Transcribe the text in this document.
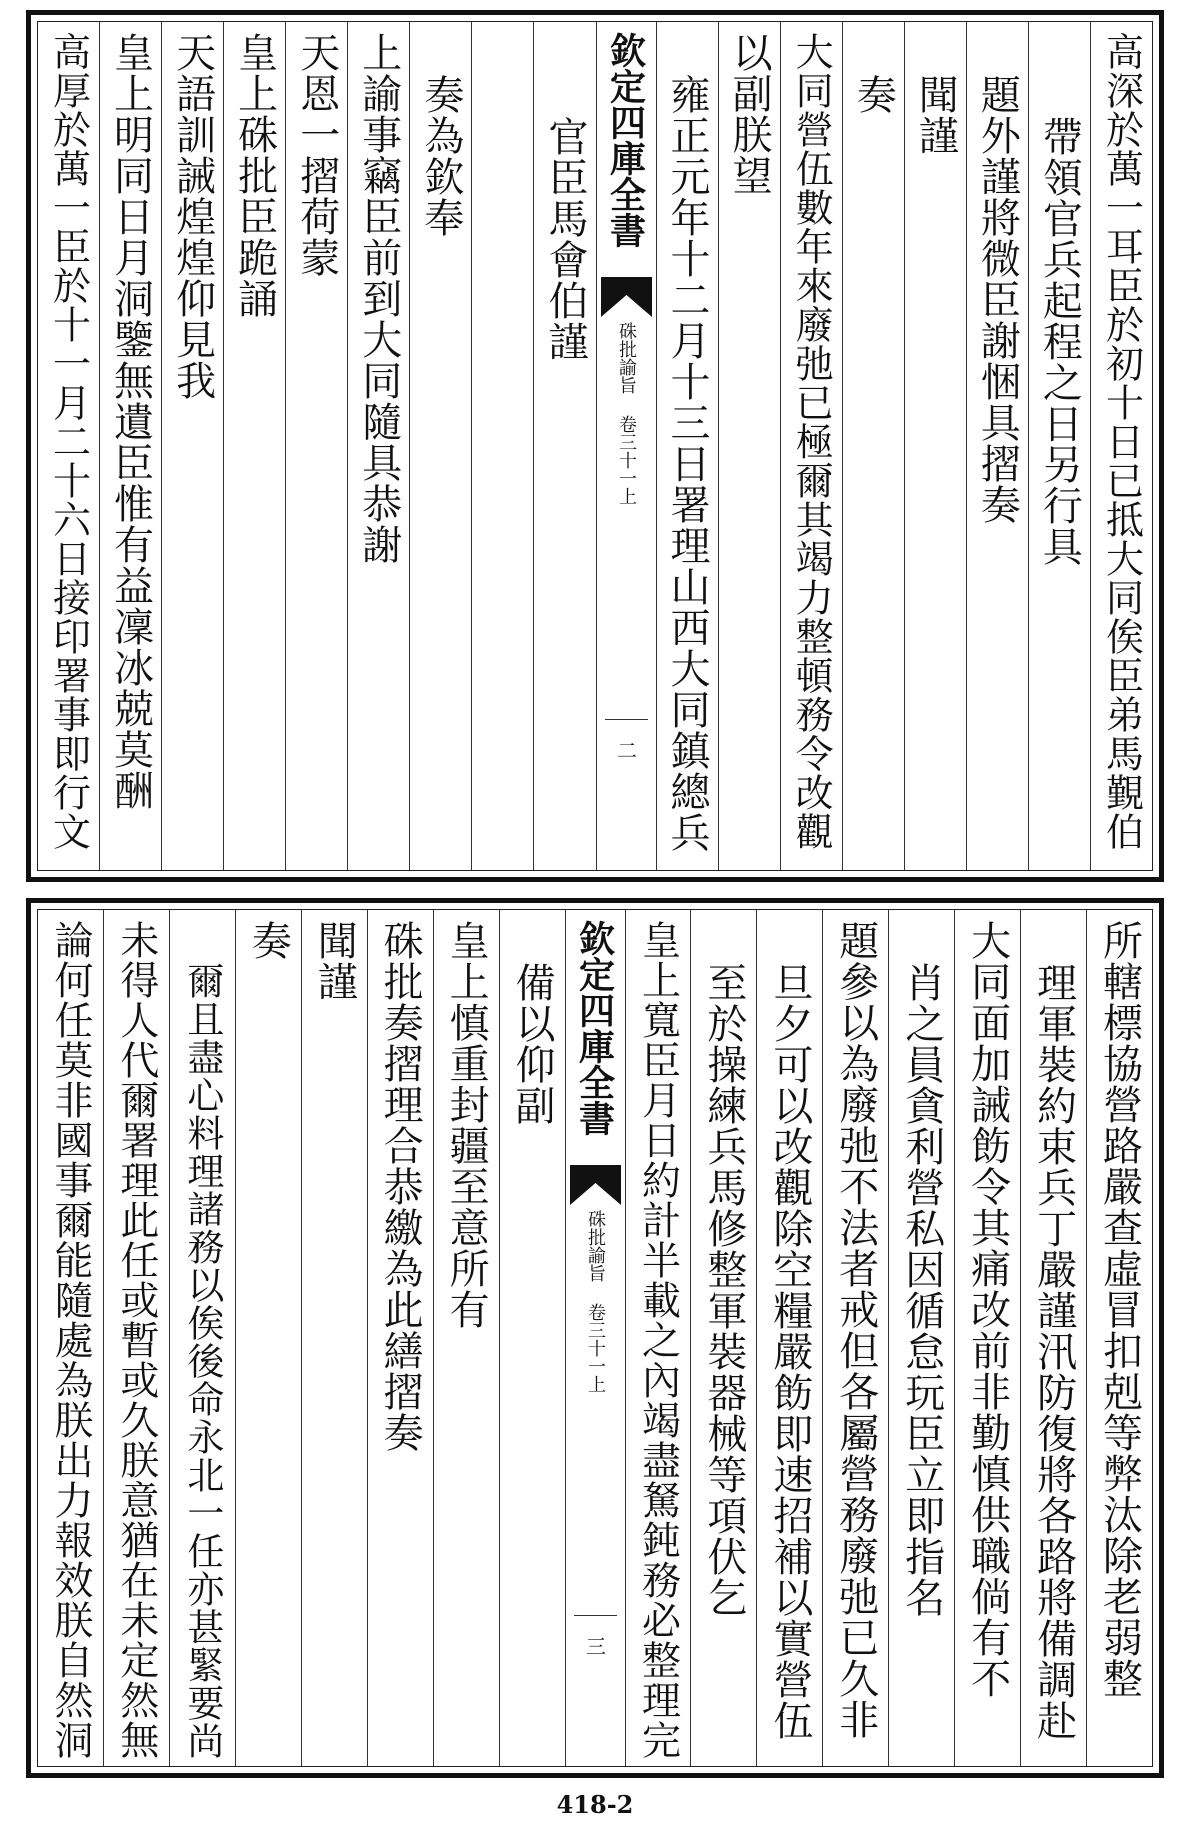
高深於萬一耳臣於初十日已抵大同俟臣弟馬覲伯
帶領官兵起程之日另行具
題外謹將微臣謝悃具摺奏
聞謹
奏
大同營伍數年來廢弛已極爾其竭力整頓務令改觀
以副朕望
雍正元年十二月十三日署理山西大同鎮總兵
欽定四庫全書
硃批諭旨 卷三十一上
二
官臣馬會伯謹
奏為欽奉
上諭事竊臣前到大同隨具恭謝
天恩一摺荷蒙
皇上硃批臣跪誦
天語訓誡煌煌仰見我
皇上明同日月洞鑒無遺臣惟有益凜冰兢莫酬
高厚於萬一臣於十一月二十六日接印署事即行文
所轄標協營路嚴查虛冒扣剋等弊汰除老弱整
理軍裝約束兵丁嚴謹汛防復將各路將備調赴
大同面加誡飭令其痛改前非勤慎供職倘有不
肖之員貪利營私因循怠玩臣立即指名
題參以為廢弛不法者戒但各屬營務廢弛已久非
旦夕可以改觀除空糧嚴飭即速招補以實營伍
至於操練兵馬修整軍裝器械等項伏乞
皇上寬臣月日約計半載之內竭盡駑鈍務必整理完
欽定四庫全書
硃批諭旨 卷三十一上
三
備以仰副
皇上慎重封疆至意所有
硃批奏摺理合恭繳為此繕摺奏
聞謹
奏
爾且盡心料理諸務以俟後命永北一任亦甚緊要尚
未得人代爾署理此任或暫或久朕意猶在未定然無
論何任莫非國事爾能隨處為朕出力報效朕自然洞
418-2
